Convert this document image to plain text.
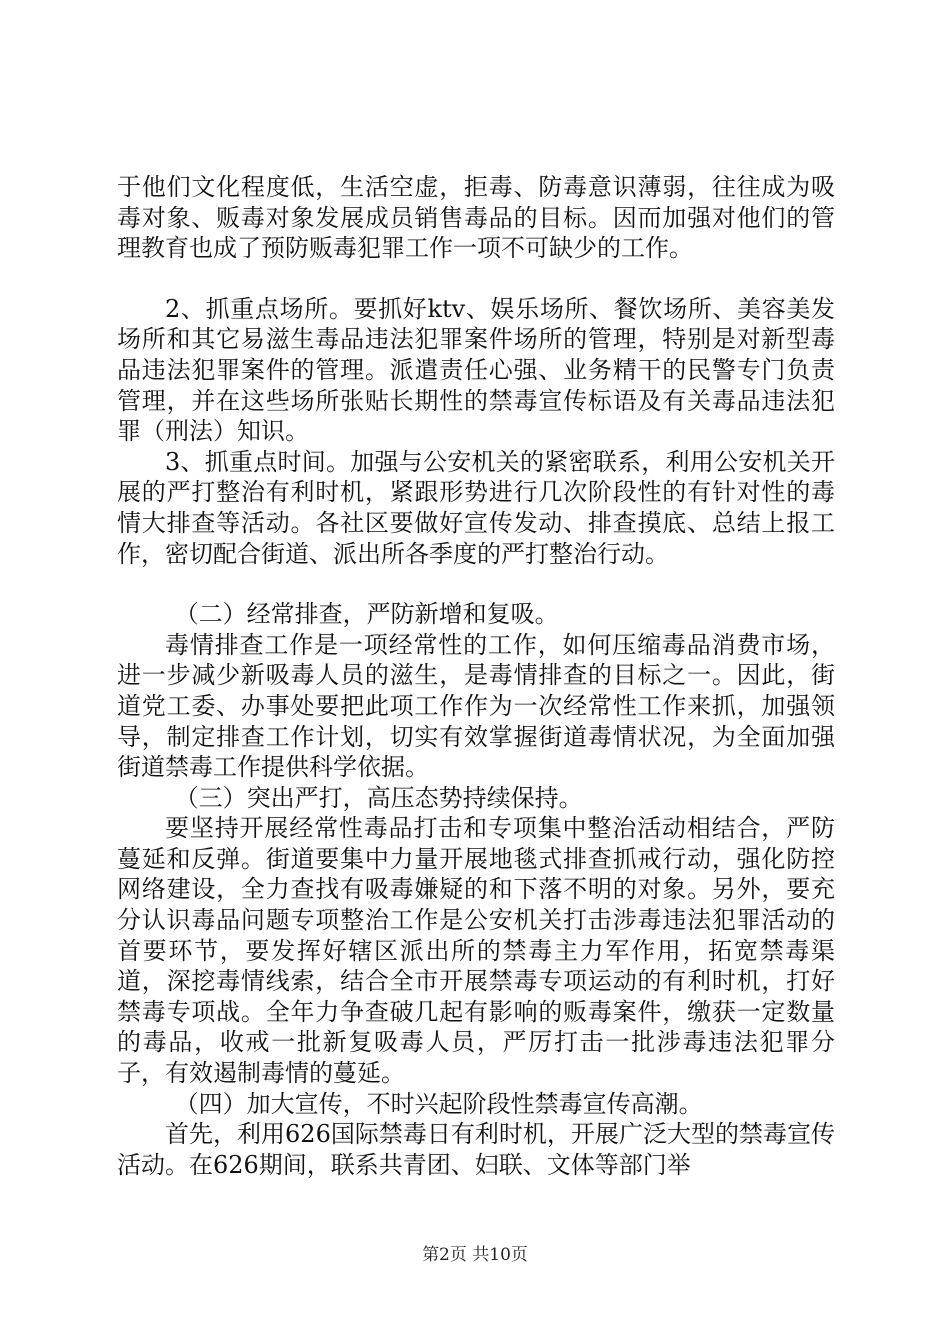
于他们文化程度低，生活空虚，拒毒、防毒意识薄弱，往往成为吸毒对象、贩毒对象发展成员销售毒品的目标。因而加强对他们的管理教育也成了预防贩毒犯罪工作一项不可缺少的工作。

2、抓重点场所。要抓好ktv、娱乐场所、餐饮场所、美容美发场所和其它易滋生毒品违法犯罪案件场所的管理，特别是对新型毒品违法犯罪案件的管理。派遣责任心强、业务精干的民警专门负责管理，并在这些场所张贴长期性的禁毒宣传标语及有关毒品违法犯罪（刑法）知识。

3、抓重点时间。加强与公安机关的紧密联系，利用公安机关开展的严打整治有利时机，紧跟形势进行几次阶段性的有针对性的毒情大排查等活动。各社区要做好宣传发动、排查摸底、总结上报工作，密切配合街道、派出所各季度的严打整治行动。

（二）经常排查，严防新增和复吸。

毒情排查工作是一项经常性的工作，如何压缩毒品消费市场，进一步减少新吸毒人员的滋生，是毒情排查的目标之一。因此，街道党工委、办事处要把此项工作作为一次经常性工作来抓，加强领导，制定排查工作计划，切实有效掌握街道毒情状况，为全面加强街道禁毒工作提供科学依据。

（三）突出严打，高压态势持续保持。

要坚持开展经常性毒品打击和专项集中整治活动相结合，严防蔓延和反弹。街道要集中力量开展地毯式排查抓戒行动，强化防控网络建设，全力查找有吸毒嫌疑的和下落不明的对象。另外，要充分认识毒品问题专项整治工作是公安机关打击涉毒违法犯罪活动的首要环节，要发挥好辖区派出所的禁毒主力军作用，拓宽禁毒渠道，深挖毒情线索，结合全市开展禁毒专项运动的有利时机，打好禁毒专项战。全年力争查破几起有影响的贩毒案件，缴获一定数量的毒品，收戒一批新复吸毒人员，严厉打击一批涉毒违法犯罪分子，有效遏制毒情的蔓延。

（四）加大宣传，不时兴起阶段性禁毒宣传高潮。

首先，利用626国际禁毒日有利时机，开展广泛大型的禁毒宣传活动。在626期间，联系共青团、妇联、文体等部门举

第2页 共10页
